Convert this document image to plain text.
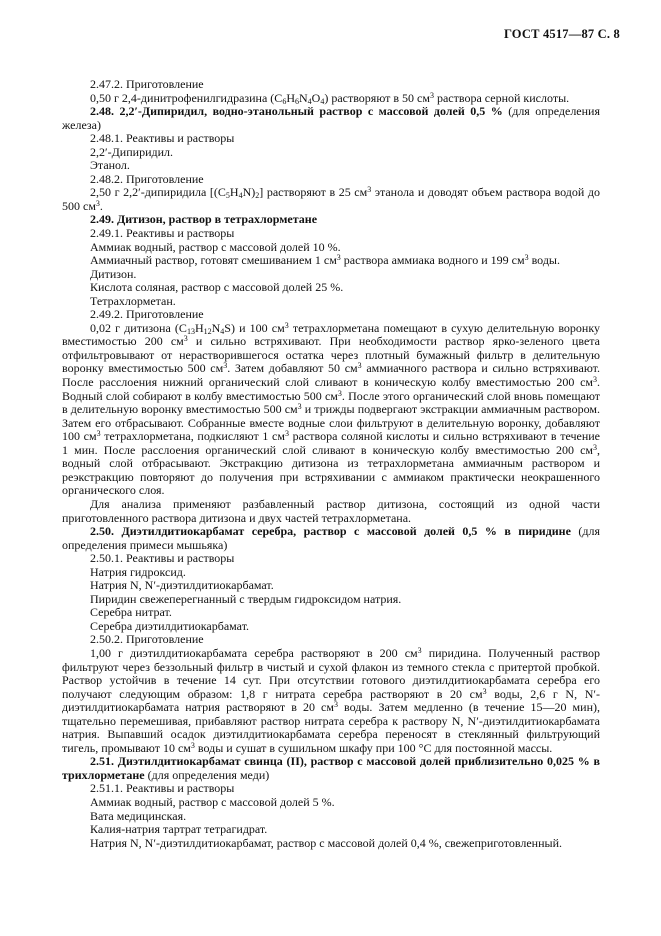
ГОСТ 4517—87 С. 8

2.47.2. Приготовление

0,50 г 2,4-динитрофенилгидразина $(C_6H_6N_4O_4)$ растворяют в 50 $см^3$ раствора серной кислоты.

2.48. 2,2′-Дипиридил, водно-этанольный раствор с массовой долей 0,5 % (для определения железа)

2.48.1. Реактивы и растворы

2,2′-Дипиридил.

Этанол.

2.48.2. Приготовление

2,50 г 2,2′-дипиридила $[(C_5H_4N)_2]$ растворяют в 25 $см^3$ этанола и доводят объем раствора водой до 500 $см^3$.

2.49. Дитизон, раствор в тетрахлорметане

2.49.1. Реактивы и растворы

Аммиак водный, раствор с массовой долей 10 %.

Аммиачный раствор, готовят смешиванием 1 $см^3$ раствора аммиака водного и 199 $см^3$ воды.

Дитизон.

Кислота соляная, раствор с массовой долей 25 %.

Тетрахлорметан.

2.49.2. Приготовление

0,02 г дитизона $(C_{13}H_{12}N_4S)$ и 100 $см^3$ тетрахлорметана помещают в сухую делительную воронку вместимостью 200 $см^3$ и сильно встряхивают. При необходимости раствор ярко-зеленого цвета отфильтровывают от нерастворившегося остатка через плотный бумажный фильтр в делительную воронку вместимостью 500 $см^3$. Затем добавляют 50 $см^3$ аммиачного раствора и сильно встряхивают. После расслоения нижний органический слой сливают в коническую колбу вместимостью 200 $см^3$. Водный слой собирают в колбу вместимостью 500 $см^3$. После этого органический слой вновь помещают в делительную воронку вместимостью 500 $см^3$ и трижды подвергают экстракции аммиачным раствором. Затем его отбрасывают. Собранные вместе водные слои фильтруют в делительную воронку, добавляют 100 $см^3$ тетрахлорметана, подкисляют 1 $см^3$ раствора соляной кислоты и сильно встряхивают в течение 1 мин. После расслоения органический слой сливают в коническую колбу вместимостью 200 $см^3$, водный слой отбрасывают. Экстракцию дитизона из тетрахлорметана аммиачным раствором и реэкстракцию повторяют до получения при встряхивании с аммиаком практически неокрашенного органического слоя.

Для анализа применяют разбавленный раствор дитизона, состоящий из одной части приготовленного раствора дитизона и двух частей тетрахлорметана.

2.50. Диэтилдитиокарбамат серебра, раствор с массовой долей 0,5 % в пиридине (для определения примеси мышьяка)

2.50.1. Реактивы и растворы

Натрия гидроксид.

Натрия N, N′-диэтилдитиокарбамат.

Пиридин свежеперегнанный с твердым гидроксидом натрия.

Серебра нитрат.

Серебра диэтилдитиокарбамат.

2.50.2. Приготовление

1,00 г диэтилдитиокарбамата серебра растворяют в 200 $см^3$ пиридина. Полученный раствор фильтруют через беззольный фильтр в чистый и сухой флакон из темного стекла с притертой пробкой. Раствор устойчив в течение 14 сут. При отсутствии готового диэтилдитиокарбамата серебра его получают следующим образом: 1,8 г нитрата серебра растворяют в 20 $см^3$ воды, 2,6 г N, N′-диэтилдитиокарбамата натрия растворяют в 20 $см^3$ воды. Затем медленно (в течение 15—20 мин), тщательно перемешивая, прибавляют раствор нитрата серебра к раствору N, N′-диэтилдитиокарбамата натрия. Выпавший осадок диэтилдитиокарбамата серебра переносят в стеклянный фильтрующий тигель, промывают 10 $см^3$ воды и сушат в сушильном шкафу при 100 °C для постоянной массы.

2.51. Диэтилдитиокарбамат свинца (II), раствор с массовой долей приблизительно 0,025 % в трихлорметане (для определения меди)

2.51.1. Реактивы и растворы

Аммиак водный, раствор с массовой долей 5 %.

Вата медицинская.

Калия-натрия тартрат тетрагидрат.

Натрия N, N′-диэтилдитиокарбамат, раствор с массовой долей 0,4 %, свежеприготовленный.
